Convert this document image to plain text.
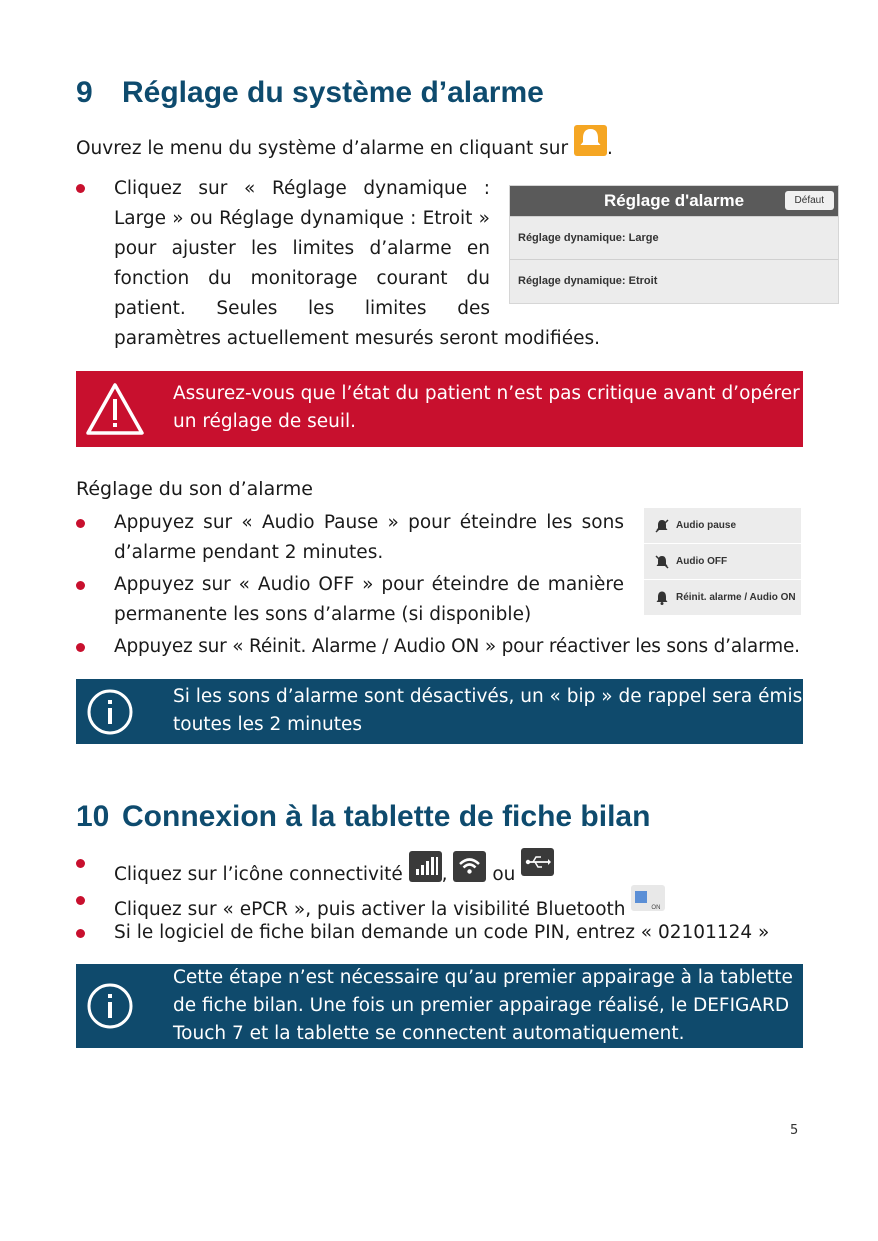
9 Réglage du système d’alarme
Ouvrez le menu du système d’alarme en cliquant sur	On .
Cliquez sur « Réglage dynamique :
Large » ou Réglage dynamique : Etroit »
pour ajuster les limites d’alarme en
fonction du monitorage courant du
patient. Seules les limites des
paramètres actuellement mesurés seront modifiées.
Réglage d'alarme	Défaut
Réglage dynamique: Large
Réglage dynamique: Etroit
Assurez-vous que l’état du patient n’est pas critique avant d’opérer
un réglage de seuil.
Réglage du son d’alarme
Appuyez sur « Audio Pause » pour éteindre les sons
d’alarme pendant 2 minutes.
Appuyez sur « Audio OFF » pour éteindre de manière
permanente les sons d’alarme (si disponible)
Appuyez sur « Réinit. Alarme / Audio ON » pour réactiver les sons d’alarme.
Audio pause
Audio OFF
Réinit. alarme / Audio ON
Si les sons d’alarme sont désactivés, un « bip » de rappel sera émis
toutes les 2 minutes
10 Connexion à la tablette de fiche bilan
Cliquez sur l’icône connectivité , ou
Cliquez sur « ePCR », puis activer la visibilité Bluetooth	ON
Si le logiciel de fiche bilan demande un code PIN, entrez « 02101124 »
Cette étape n’est nécessaire qu’au premier appairage à la tablette
de fiche bilan. Une fois un premier appairage réalisé, le DEFIGARD
Touch 7 et la tablette se connectent automatiquement.
5
